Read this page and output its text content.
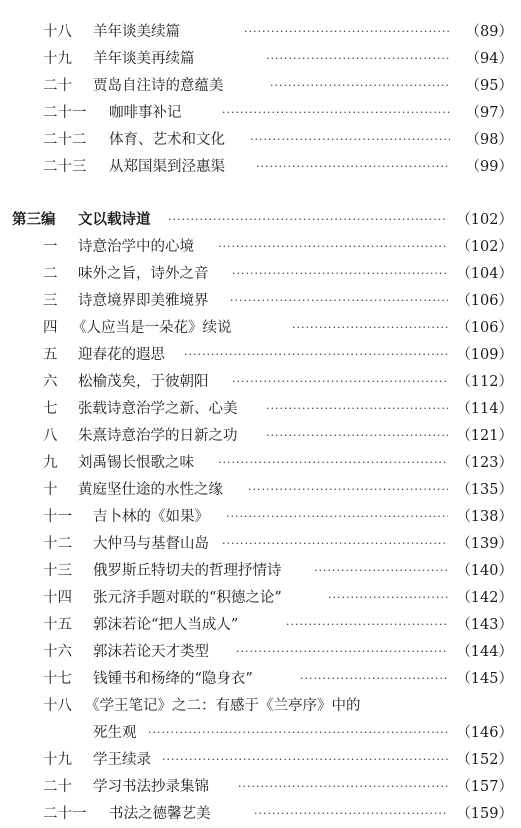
十八 羊年谈美续篇 ·····	（89）
十九 羊年谈美再续篇 ·····	（94）
二十 贾岛自注诗的意蕴美 ·····	（95）
二十一 咖啡事补记 ·····	（97）
二十二 体育、艺术和文化 ·····	（98）
二十三 从郑国渠到泾惠渠 ·····	（99）
第三编 文以载诗道 ·····	（102）
一 诗意治学中的心境 ·····	（102）
二 味外之旨，诗外之音 ·····	（104）
三 诗意境界即美雅境界 ·····	（106）
四 《人应当是一朵花》续说 ·····	（106）
五 迎春花的遐思 ·····	（109）
六 松榆茂矣，于彼朝阳 ·····	（112）
七 张载诗意治学之新、心美 ·····	（114）
八 朱熹诗意治学的日新之功 ·····	（121）
九 刘禹锡长恨歌之味 ·····	（123）
十 黄庭坚仕途的水性之缘 ·····	（135）
十一 吉卜林的《如果》 ·····	（138）
十二 大仲马与基督山岛 ·····	（139）
十三 俄罗斯丘特切夫的哲理抒情诗 ·····	（140）
十四 张元济手题对联的“积德之论” ·····	（142）
十五 郭沫若论“把人当成人” ·····	（143）
十六 郭沫若论天才类型 ·····	（144）
十七 钱锺书和杨绛的“隐身衣” ·····	（145）
十八 《学王笔记》之二：有感于《兰亭序》中的
死生观 ·····	（146）
十九 学王续录 ·····	（152）
二十 学习书法抄录集锦 ·····	（157）
二十一 书法之德馨艺美 ·····	（159）
